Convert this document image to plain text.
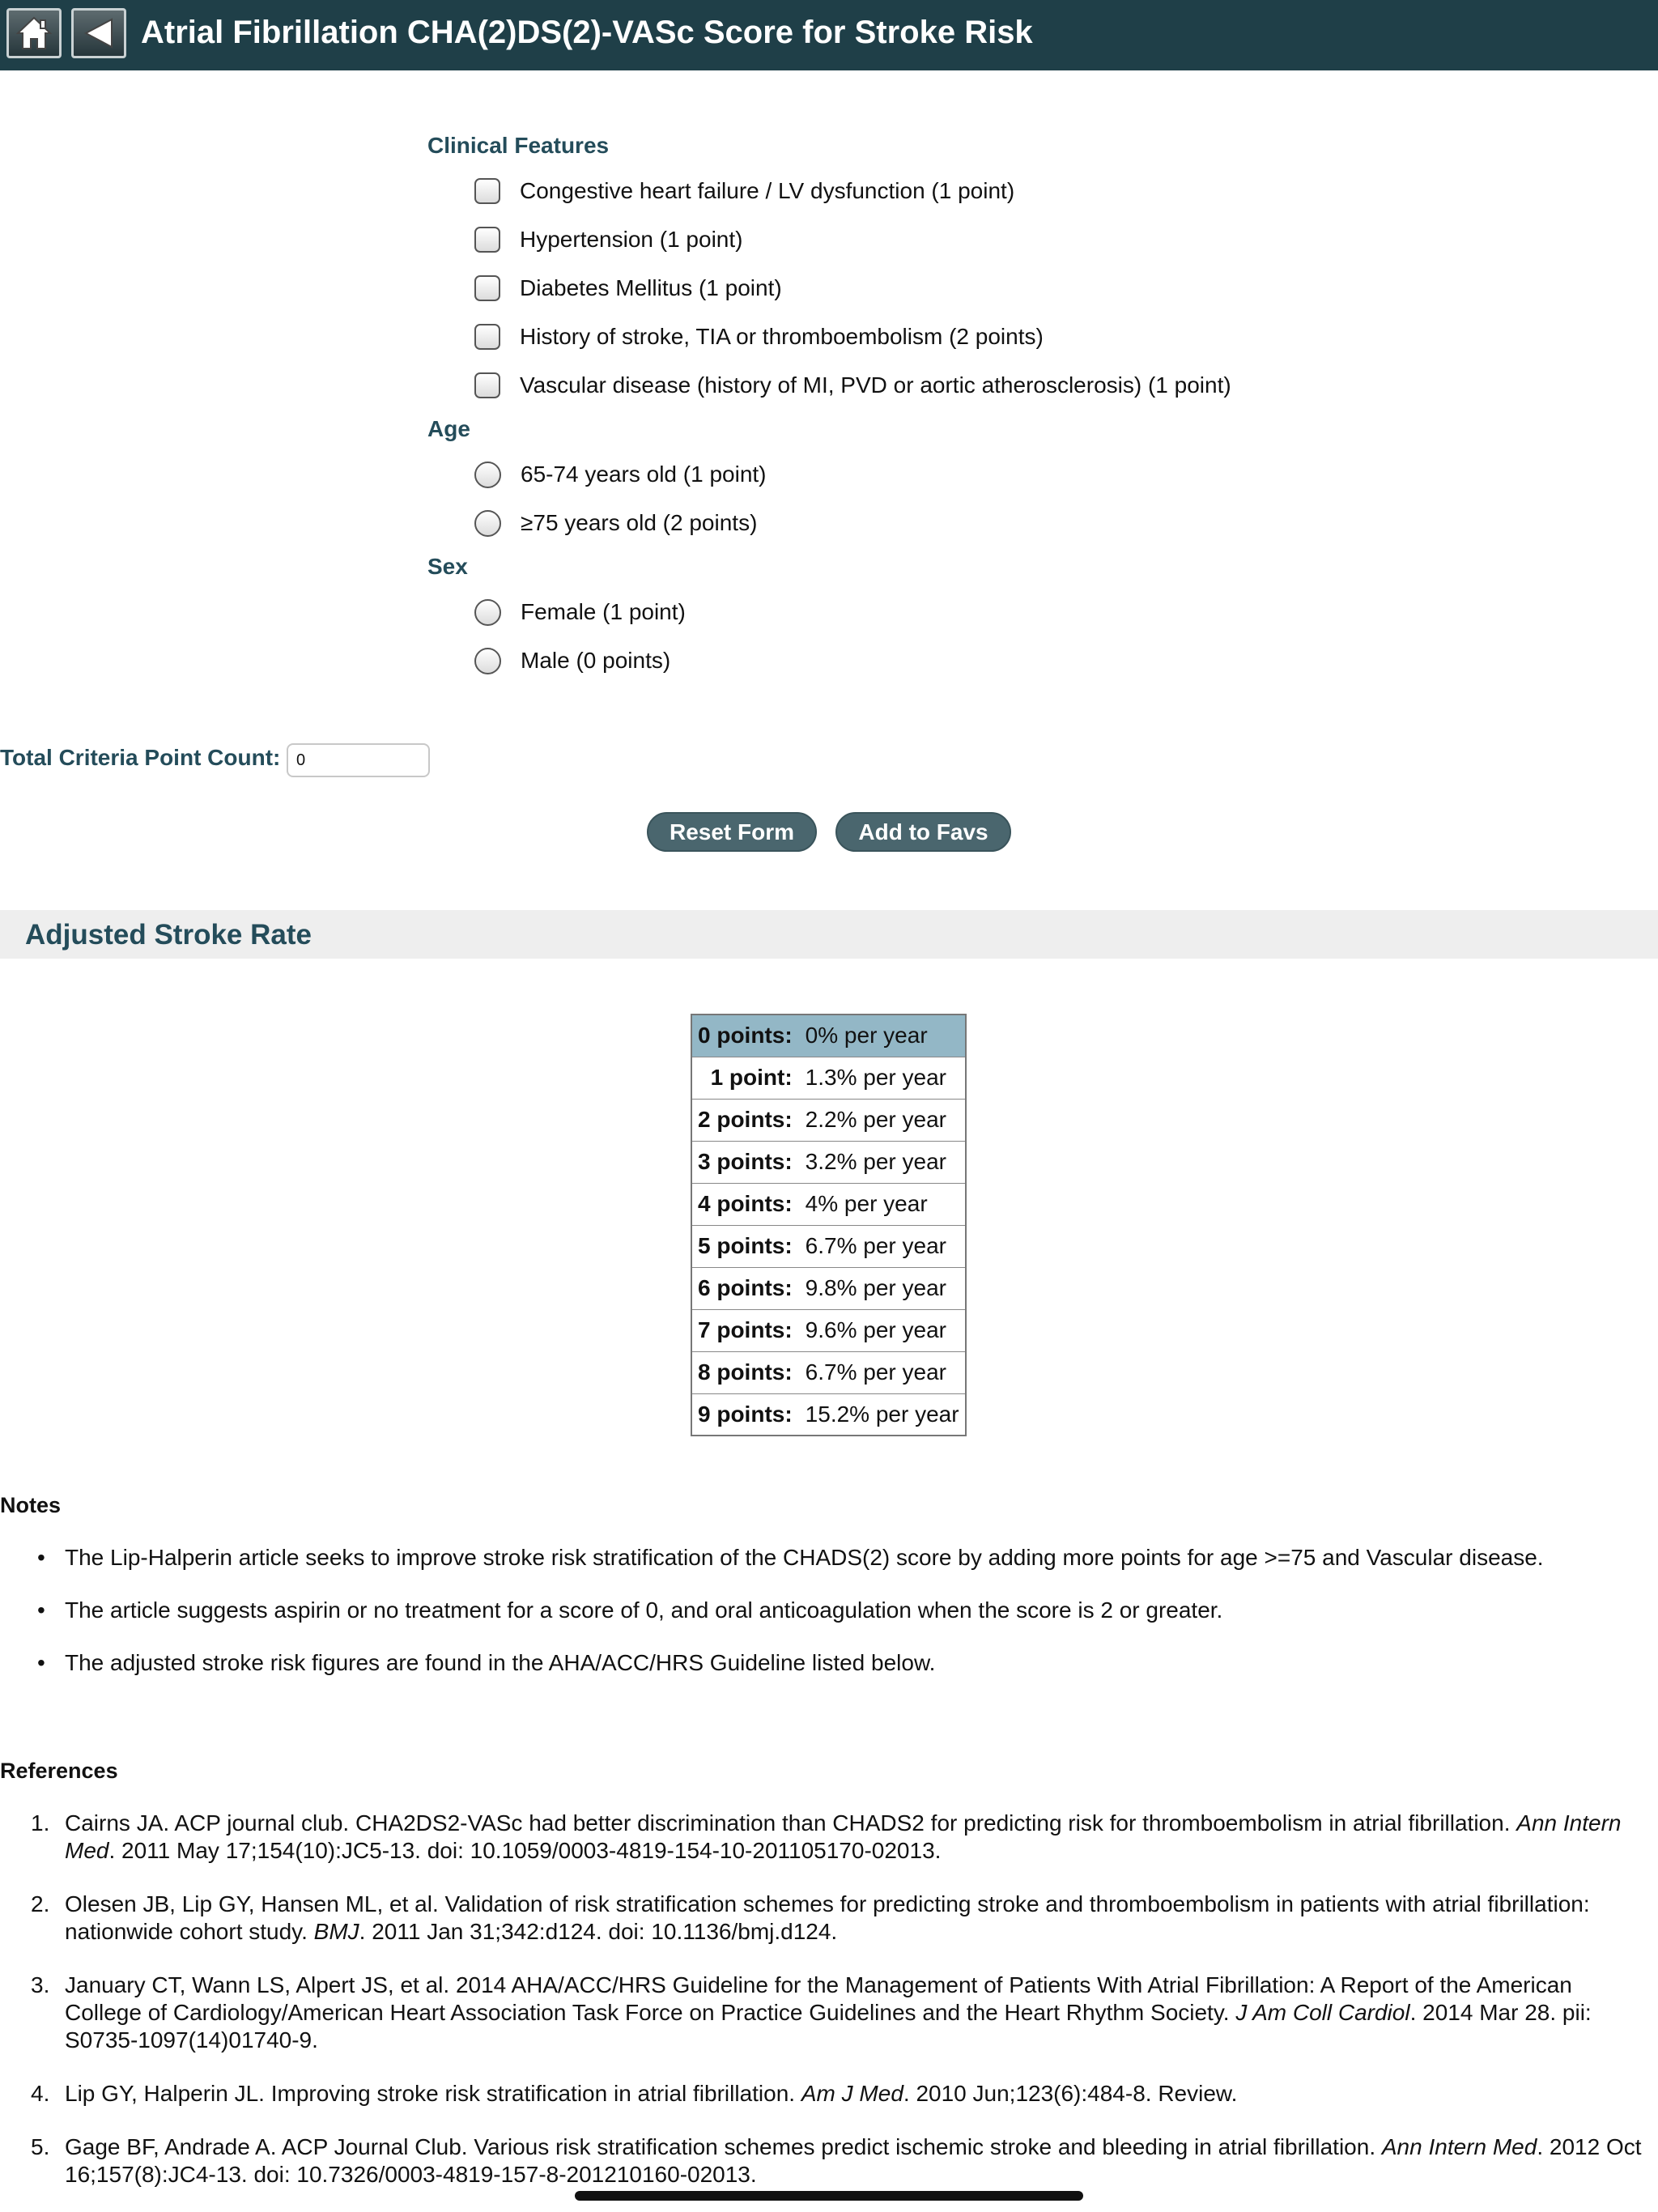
Atrial Fibrillation CHA(2)DS(2)-VASc Score for Stroke Risk
Clinical Features
Congestive heart failure / LV dysfunction (1 point)
Hypertension (1 point)
Diabetes Mellitus (1 point)
History of stroke, TIA or thromboembolism (2 points)
Vascular disease (history of MI, PVD or aortic atherosclerosis) (1 point)
Age
65-74 years old (1 point)
≥75 years old (2 points)
Sex
Female (1 point)
Male (0 points)
Total Criteria Point Count:
0
Reset Form	Add to Favs
Adjusted Stroke Rate
0 points:	0% per year
1 point:	1.3% per year
2 points:	2.2% per year
3 points:	3.2% per year
4 points:	4% per year
5 points:	6.7% per year
6 points:	9.8% per year
7 points:	9.6% per year
8 points:	6.7% per year
9 points:	15.2% per year
Notes
• The Lip-Halperin article seeks to improve stroke risk stratification of the CHADS(2) score by adding more points for age >=75 and Vascular disease.
• The article suggests aspirin or no treatment for a score of 0, and oral anticoagulation when the score is 2 or greater.
• The adjusted stroke risk figures are found in the AHA/ACC/HRS Guideline listed below.
References
1. Cairns JA. ACP journal club. CHA2DS2-VASc had better discrimination than CHADS2 for predicting risk for thromboembolism in atrial fibrillation. Ann Intern Med. 2011 May 17;154(10):JC5-13. doi: 10.1059/0003-4819-154-10-201105170-02013.
2. Olesen JB, Lip GY, Hansen ML, et al. Validation of risk stratification schemes for predicting stroke and thromboembolism in patients with atrial fibrillation: nationwide cohort study. BMJ. 2011 Jan 31;342:d124. doi: 10.1136/bmj.d124.
3. January CT, Wann LS, Alpert JS, et al. 2014 AHA/ACC/HRS Guideline for the Management of Patients With Atrial Fibrillation: A Report of the American College of Cardiology/American Heart Association Task Force on Practice Guidelines and the Heart Rhythm Society. J Am Coll Cardiol. 2014 Mar 28. pii: S0735-1097(14)01740-9.
4. Lip GY, Halperin JL. Improving stroke risk stratification in atrial fibrillation. Am J Med. 2010 Jun;123(6):484-8. Review.
5. Gage BF, Andrade A. ACP Journal Club. Various risk stratification schemes predict ischemic stroke and bleeding in atrial fibrillation. Ann Intern Med. 2012 Oct 16;157(8):JC4-13. doi: 10.7326/0003-4819-157-8-201210160-02013.
